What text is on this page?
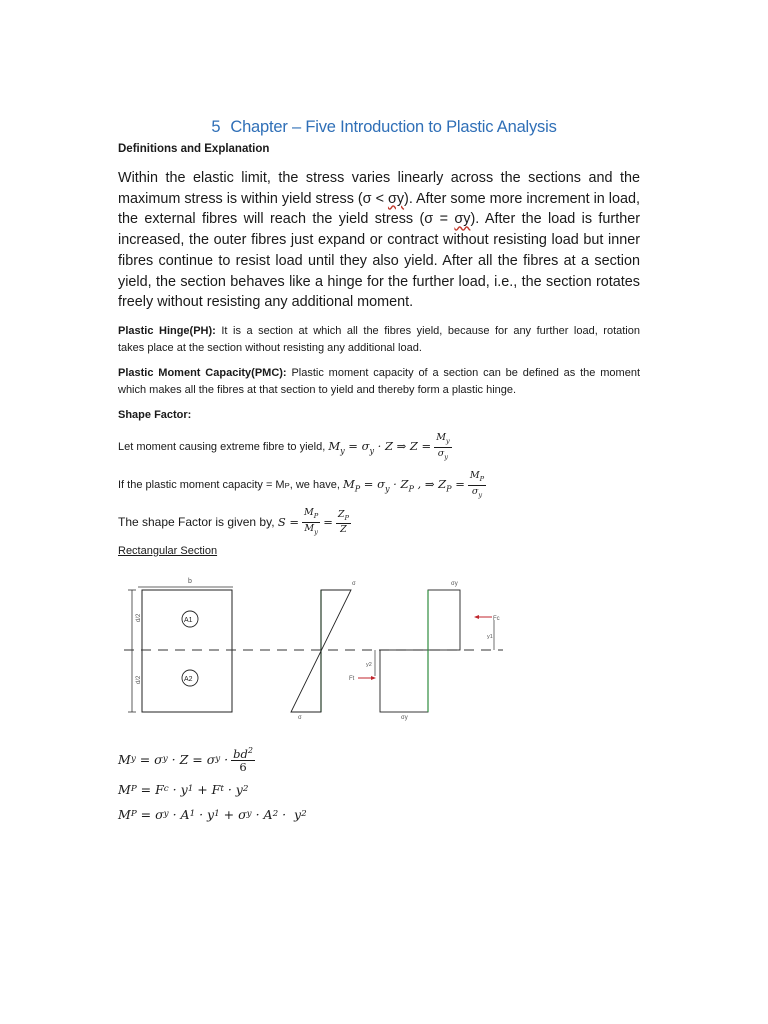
5 Chapter – Five Introduction to Plastic Analysis
Definitions and Explanation
Within the elastic limit, the stress varies linearly across the sections and the
maximum stress is within yield stress (σ < σy). After some more increment in load,
the external fibres will reach the yield stress (σ = σy). After the load is further
increased, the outer fibres just expand or contract without resisting load but inner
fibres continue to resist load until they also yield. After all the fibres at a section
yield, the section behaves like a hinge for the further load, i.e., the section rotates
freely without resisting any additional moment.
Plastic Hinge(PH): It is a section at which all the fibres yield, because for any further load, rotation
takes place at the section without resisting any additional load.
Plastic Moment Capacity(PMC): Plastic moment capacity of a section can be defined as the moment
which makes all the fibres at that section to yield and thereby form a plastic hinge.
Shape Factor:
Let moment causing extreme fibre to yield,
$M_y = \sigma_y \cdot Z$ ⇒ $Z = \frac{M_y}{\sigma_y}$
If the plastic moment capacity = M P , we have,
$M_P = \sigma_y \cdot Z_P$ , ⇒ $Z_P = \frac{M_P}{\sigma_y}$
The shape Factor is given by,
$S = \frac{M_P}{M_y} = \frac{Z_P}{Z}$
Rectangular Section
b
d/2
d/2
A1
A2
σ
σ
σy
σy
Fc
y1
Ft
y2
M y = σ y · Z = σ $y \cdot \frac{bd^2}{6}$
M P = F c · y 1 + F t · y 2
M P = σ y · A 1 · y 1 + σ y · A 2 ·  y 2
